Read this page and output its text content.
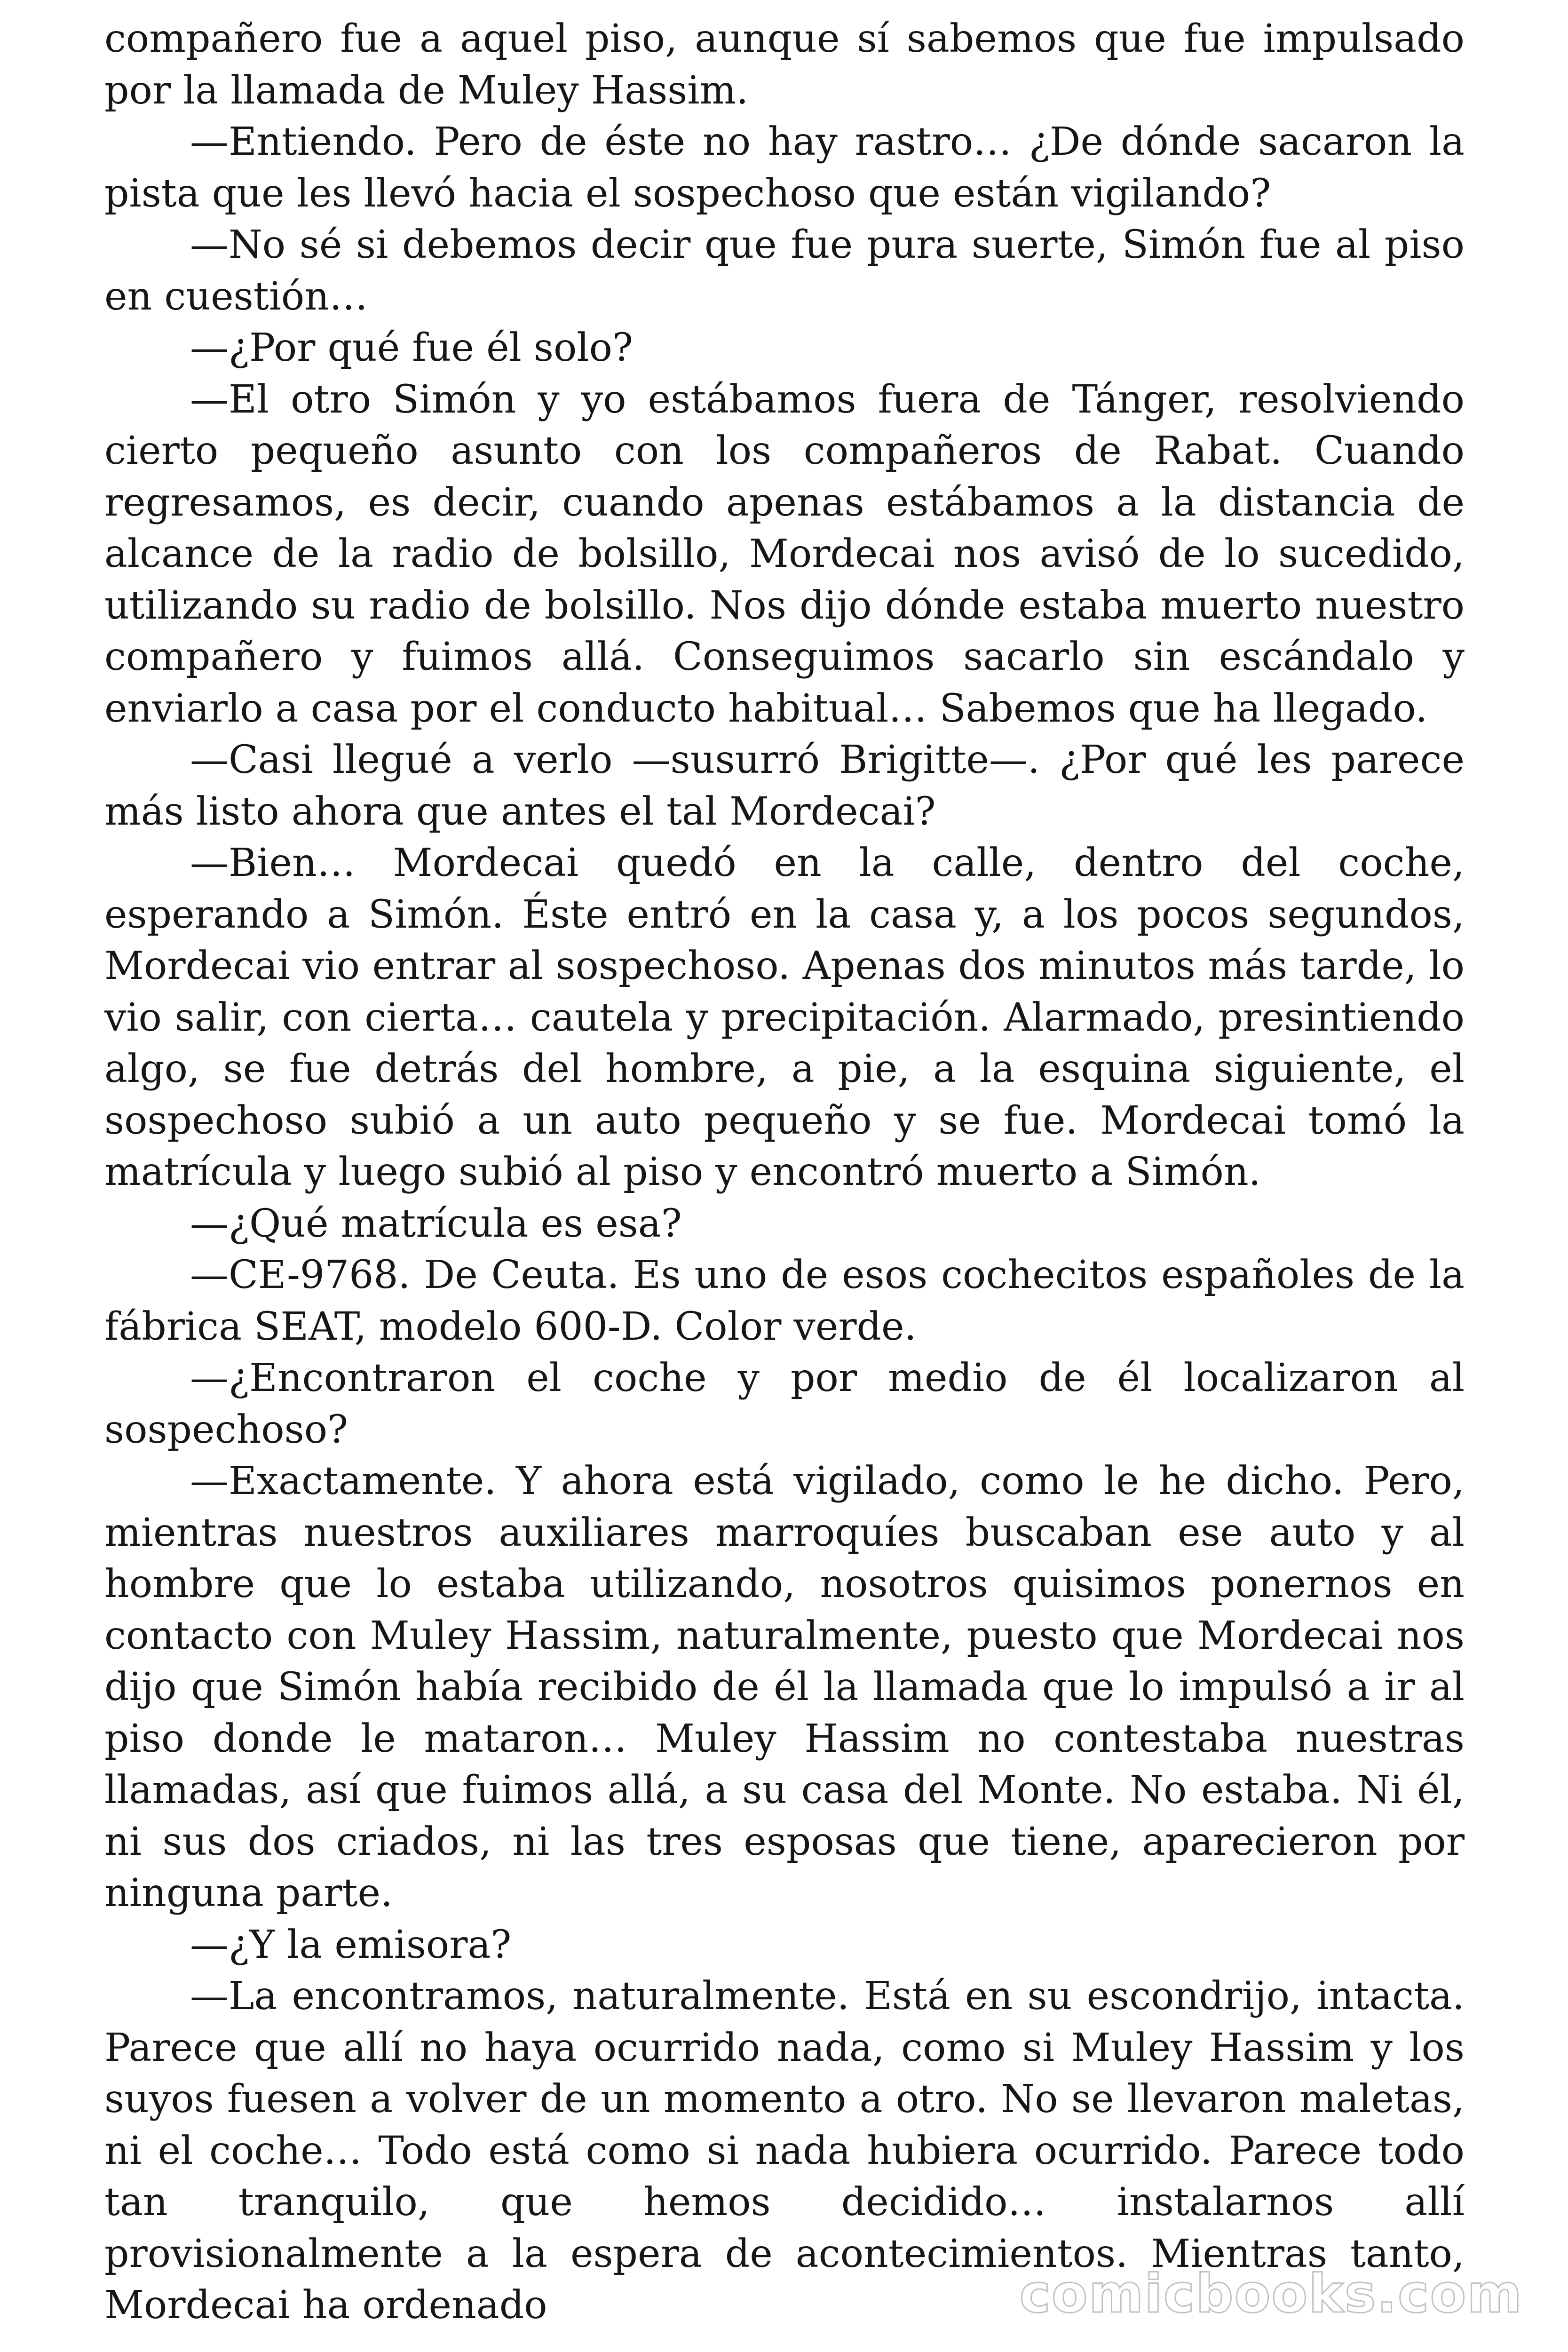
compañero fue a aquel piso, aunque sí sabemos que fue impulsado por la llamada de Muley Hassim.

—Entiendo. Pero de éste no hay rastro… ¿De dónde sacaron la pista que les llevó hacia el sospechoso que están vigilando?

—No sé si debemos decir que fue pura suerte, Simón fue al piso en cuestión…

—¿Por qué fue él solo?

—El otro Simón y yo estábamos fuera de Tánger, resolviendo cierto pequeño asunto con los compañeros de Rabat. Cuando regresamos, es decir, cuando apenas estábamos a la distancia de alcance de la radio de bolsillo, Mordecai nos avisó de lo sucedido, utilizando su radio de bolsillo. Nos dijo dónde estaba muerto nuestro compañero y fuimos allá. Conseguimos sacarlo sin escándalo y enviarlo a casa por el conducto habitual… Sabemos que ha llegado.

—Casi llegué a verlo —susurró Brigitte—. ¿Por qué les parece más listo ahora que antes el tal Mordecai?

—Bien… Mordecai quedó en la calle, dentro del coche, esperando a Simón. Éste entró en la casa y, a los pocos segundos, Mordecai vio entrar al sospechoso. Apenas dos minutos más tarde, lo vio salir, con cierta… cautela y precipitación. Alarmado, presintiendo algo, se fue detrás del hombre, a pie, a la esquina siguiente, el sospechoso subió a un auto pequeño y se fue. Mordecai tomó la matrícula y luego subió al piso y encontró muerto a Simón.

—¿Qué matrícula es esa?

—CE-9768. De Ceuta. Es uno de esos cochecitos españoles de la fábrica SEAT, modelo 600-D. Color verde.

—¿Encontraron el coche y por medio de él localizaron al sospechoso?

—Exactamente. Y ahora está vigilado, como le he dicho. Pero, mientras nuestros auxiliares marroquíes buscaban ese auto y al hombre que lo estaba utilizando, nosotros quisimos ponernos en contacto con Muley Hassim, naturalmente, puesto que Mordecai nos dijo que Simón había recibido de él la llamada que lo impulsó a ir al piso donde le mataron… Muley Hassim no contestaba nuestras llamadas, así que fuimos allá, a su casa del Monte. No estaba. Ni él, ni sus dos criados, ni las tres esposas que tiene, aparecieron por ninguna parte.

—¿Y la emisora?

—La encontramos, naturalmente. Está en su escondrijo, intacta. Parece que allí no haya ocurrido nada, como si Muley Hassim y los suyos fuesen a volver de un momento a otro. No se llevaron maletas, ni el coche… Todo está como si nada hubiera ocurrido. Parece todo tan tranquilo, que hemos decidido… instalarnos allí provisionalmente a la espera de acontecimientos. Mientras tanto, Mordecai ha ordenado	comicbooks.com
